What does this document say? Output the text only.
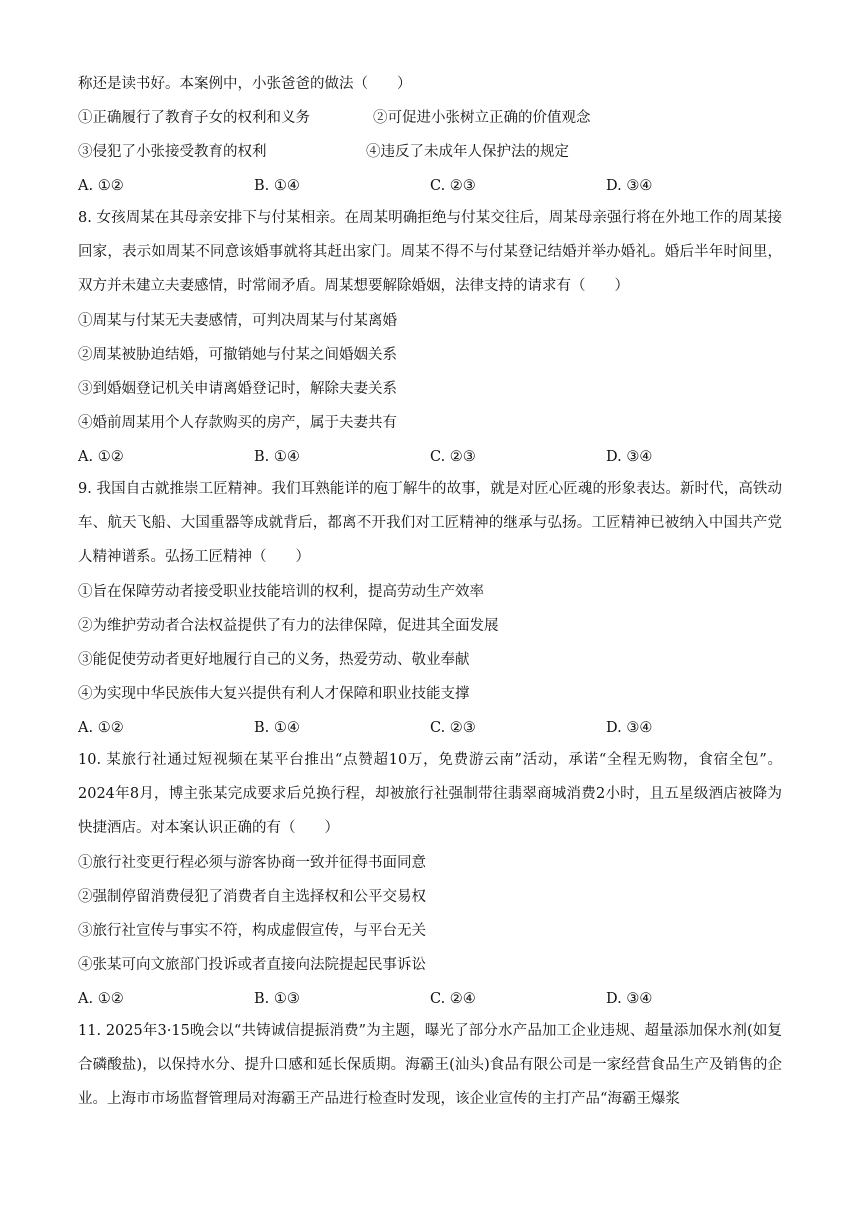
称还是读书好。本案例中，小张爸爸的做法（　　）
①正确履行了教育子女的权利和义务	②可促进小张树立正确的价值观念
③侵犯了小张接受教育的权利	④违反了未成年人保护法的规定
A. ①②	B. ①④	C. ②③	D. ③④
8. 女孩周某在其母亲安排下与付某相亲。在周某明确拒绝与付某交往后，周某母亲强行将在外地工作的周某接回家，表示如周某不同意该婚事就将其赶出家门。周某不得不与付某登记结婚并举办婚礼。婚后半年时间里，双方并未建立夫妻感情，时常闹矛盾。周某想要解除婚姻，法律支持的请求有（　　）
①周某与付某无夫妻感情，可判决周某与付某离婚
②周某被胁迫结婚，可撤销她与付某之间婚姻关系
③到婚姻登记机关申请离婚登记时，解除夫妻关系
④婚前周某用个人存款购买的房产，属于夫妻共有
A. ①②	B. ①④	C. ②③	D. ③④
9. 我国自古就推崇工匠精神。我们耳熟能详的庖丁解牛的故事，就是对匠心匠魂的形象表达。新时代，高铁动车、航天飞船、大国重器等成就背后，都离不开我们对工匠精神的继承与弘扬。工匠精神已被纳入中国共产党人精神谱系。弘扬工匠精神（　　）
①旨在保障劳动者接受职业技能培训的权利，提高劳动生产效率
②为维护劳动者合法权益提供了有力的法律保障，促进其全面发展
③能促使劳动者更好地履行自己的义务，热爱劳动、敬业奉献
④为实现中华民族伟大复兴提供有利人才保障和职业技能支撑
A. ①②	B. ①④	C. ②③	D. ③④
10. 某旅行社通过短视频在某平台推出“点赞超10万，免费游云南”活动，承诺“全程无购物，食宿全包”。2024年8月，博主张某完成要求后兑换行程，却被旅行社强制带往翡翠商城消费2小时，且五星级酒店被降为快捷酒店。对本案认识正确的有（　　）
①旅行社变更行程必须与游客协商一致并征得书面同意
②强制停留消费侵犯了消费者自主选择权和公平交易权
③旅行社宣传与事实不符，构成虚假宣传，与平台无关
④张某可向文旅部门投诉或者直接向法院提起民事诉讼
A. ①②	B. ①③	C. ②④	D. ③④
11. 2025年3·15晚会以“共铸诚信提振消费”为主题，曝光了部分水产品加工企业违规、超量添加保水剂(如复合磷酸盐)，以保持水分、提升口感和延长保质期。海霸王(汕头)食品有限公司是一家经营食品生产及销售的企业。上海市市场监督管理局对海霸王产品进行检查时发现，该企业宣传的主打产品“海霸王爆浆
